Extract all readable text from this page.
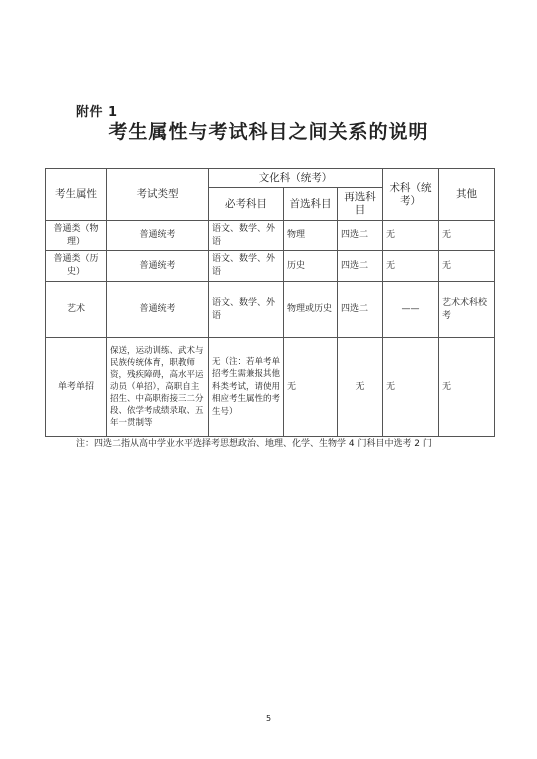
附件 1
考生属性与考试科目之间关系的说明
考生属性	考试类型	文化科（统考）			术科（统考）	其他
		必考科目	首选科目	再选科目		
普通类（物理）	普通统考	语文、数学、外语	物理	四选二	无	无
普通类（历史）	普通统考	语文、数学、外语	历史	四选二	无	无
艺术	普通统考	语文、数学、外语	物理或历史	四选二	——	艺术术科校考
单考单招	保送，运动训练、武术与民族传统体育，职教师资，残疾障碍，高水平运动员（单招），高职自主招生、中高职衔接三二分段、依学考成绩录取、五年一贯制等	无（注：若单考单招考生需兼报其他科类考试，请使用相应考生属性的考生号）	无	无	无	无
注：四选二指从高中学业水平选择考思想政治、地理、化学、生物学 4 门科目中选考 2 门
5
